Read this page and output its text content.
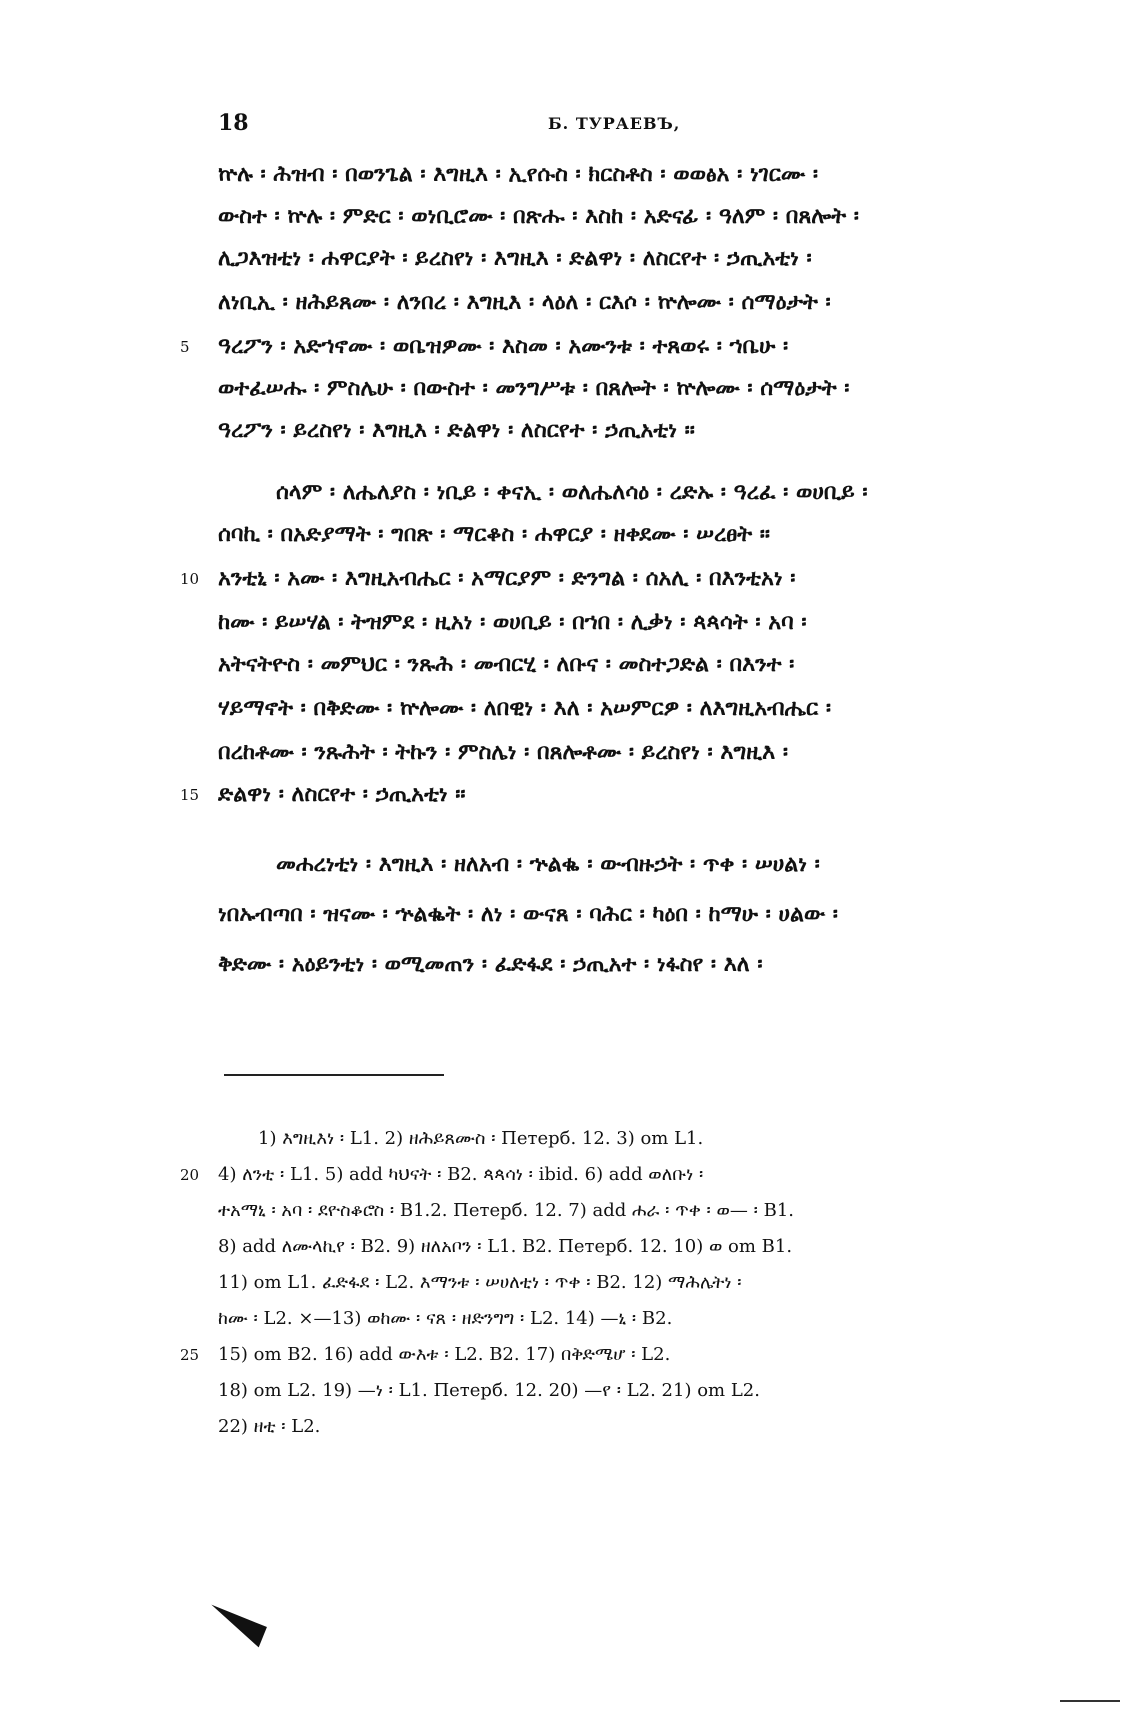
18	Б. ТУРАЕВЪ,
ኵሉ ፡ ሕዝብ ፡ በወንጌል ፡ እግዚእ ፡ ኢየሱስ ፡ ክርስቶስ ፡ ወወፅአ ፡ ነገርሙ ፡
ውስተ ፡ ኵሉ ፡ ምድር ፡ ወነቢሮሙ ፡ በጽሑ ፡ እስከ ፡ አድናፊ ፡ ዓለም ፡ በጸሎት ፡
ሊጋእዝቲነ ፡ ሐዋርያት ፡ ይረስየነ ፡ እግዚእ ፡ ድልዋነ ፡ ለስርየተ ፡ ኃጢአቲነ ፡
ለነቢኢ ፡ ዘሕይጸሙ ፡ ለንበረ ፡ እግዚእ ፡ ላዕለ ፡ ርእሶ ፡ ኵሎሙ ፡ ሰማዕታት ፡
5	ዓረፖን ፡ አድኀኖሙ ፡ ወቤዝዎሙ ፡ እስመ ፡ አሙንቱ ፡ ተጸወሩ ፡ ኀቤሁ ፡
ወተፈሠሑ ፡ ምስሌሁ ፡ በውስተ ፡ መንግሥቱ ፡ በጸሎት ፡ ኵሎሙ ፡ ሰማዕታት ፡
ዓረፖን ፡ ይረስየነ ፡ እግዚእ ፡ ድልዋነ ፡ ለስርየተ ፡ ኃጢአቲነ ።
ሰላም ፡ ለሔለያስ ፡ ነቢይ ፡ ቀናኢ ፡ ወለሔለሳዕ ፡ ረድኡ ፡ ዓረፈ ፡ ወሀቢይ ፡
ሰባኪ ፡ በአድያማት ፡ ግበጽ ፡ ማርቆስ ፡ ሐዋርያ ፡ ዘቀደሙ ፡ ሠረፀት ።
10 አንቲኒ ፡ አሙ ፡ እግዚአብሔር ፡ አማርያም ፡ ድንግል ፡ ሰአሊ ፡ በእንቲአነ ፡
ከሙ ፡ ይሠሃል ፡ ትዝምደ ፡ ዚአነ ፡ ወሀቢይ ፡ በኀበ ፡ ሊቃነ ፡ ጳጳሳት ፡ አባ ፡
አትናትዮስ ፡ መምህር ፡ ንጹሕ ፡ መብርሂ ፡ ለቡና ፡ መስተጋድል ፡ በእንተ ፡
ሃይማኖት ፡ በቅድሙ ፡ ኵሎሙ ፡ ለበዊነ ፡ እለ ፡ አሠምርዎ ፡ ለእግዚአብሔር ፡
በረከቶሙ ፡ ንጹሕት ፡ ትኩን ፡ ምስሌነ ፡ በጸሎቶሙ ፡ ይረስየነ ፡ እግዚእ ፡
15 ድልዋነ ፡ ለስርየተ ፡ ኃጢአቲነ ።
መሐረነቲነ ፡ እግዚእ ፡ ዘለአብ ፡ ኍልቈ ፡ ውብዙኃት ፡ ጥቀ ፡ ሠሀልነ ፡
ነበኡብጣበ ፡ ዝናሙ ፡ ኍልቈት ፡ ለነ ፡ ውናጸ ፡ ባሕር ፡ ካዕበ ፡ ከማሁ ፡ ሀልው ፡
ቅድሙ ፡ አዕይንቲነ ፡ ወሚመጠን ፡ ፈድፋደ ፡ ኃጢአተ ፡ ነፋስየ ፡ እለ ፡
1) እግዚእነ ፡ L1. 2) ዘሕይጸሙስ ፡ Петерб. 12. 3) om L1.
20	4) ለንቲ ፡ L1. 5) add ካህናት ፡ B2. ጳጳሳነ ፡ ibid. 6) add ወለቡነ ፡
ተአማኒ ፡ አባ ፡ ደዮስቆሮስ ፡ B1.2. Петерб. 12. 7) add ሐራ ፡ ጥቀ ፡ ወ— ፡ B1.
8) add ለሙላኪየ ፡ B2. 9) ዘለአቦን ፡ L1. B2. Петерб. 12. 10) ወ om B1.
11) om L1. ፈድፋደ ፡ L2. እማንቱ ፡ ሠሀለቲነ ፡ ጥቀ ፡ B2. 12) ማሕሌትነ ፡
ከሙ ፡ L2. ×—13) ወከሙ ፡ ናጸ ፡ ዘድንግግ ፡ L2. 14) —ኒ ፡ B2.
25	15) om B2. 16) add ውእቱ ፡ L2. B2. 17) በቅድሜሆ ፡ L2.
18) om L2. 19) —ነ ፡ L1. Петерб. 12. 20) —የ ፡ L2. 21) om L2.
22) ዘቲ ፡ L2.
